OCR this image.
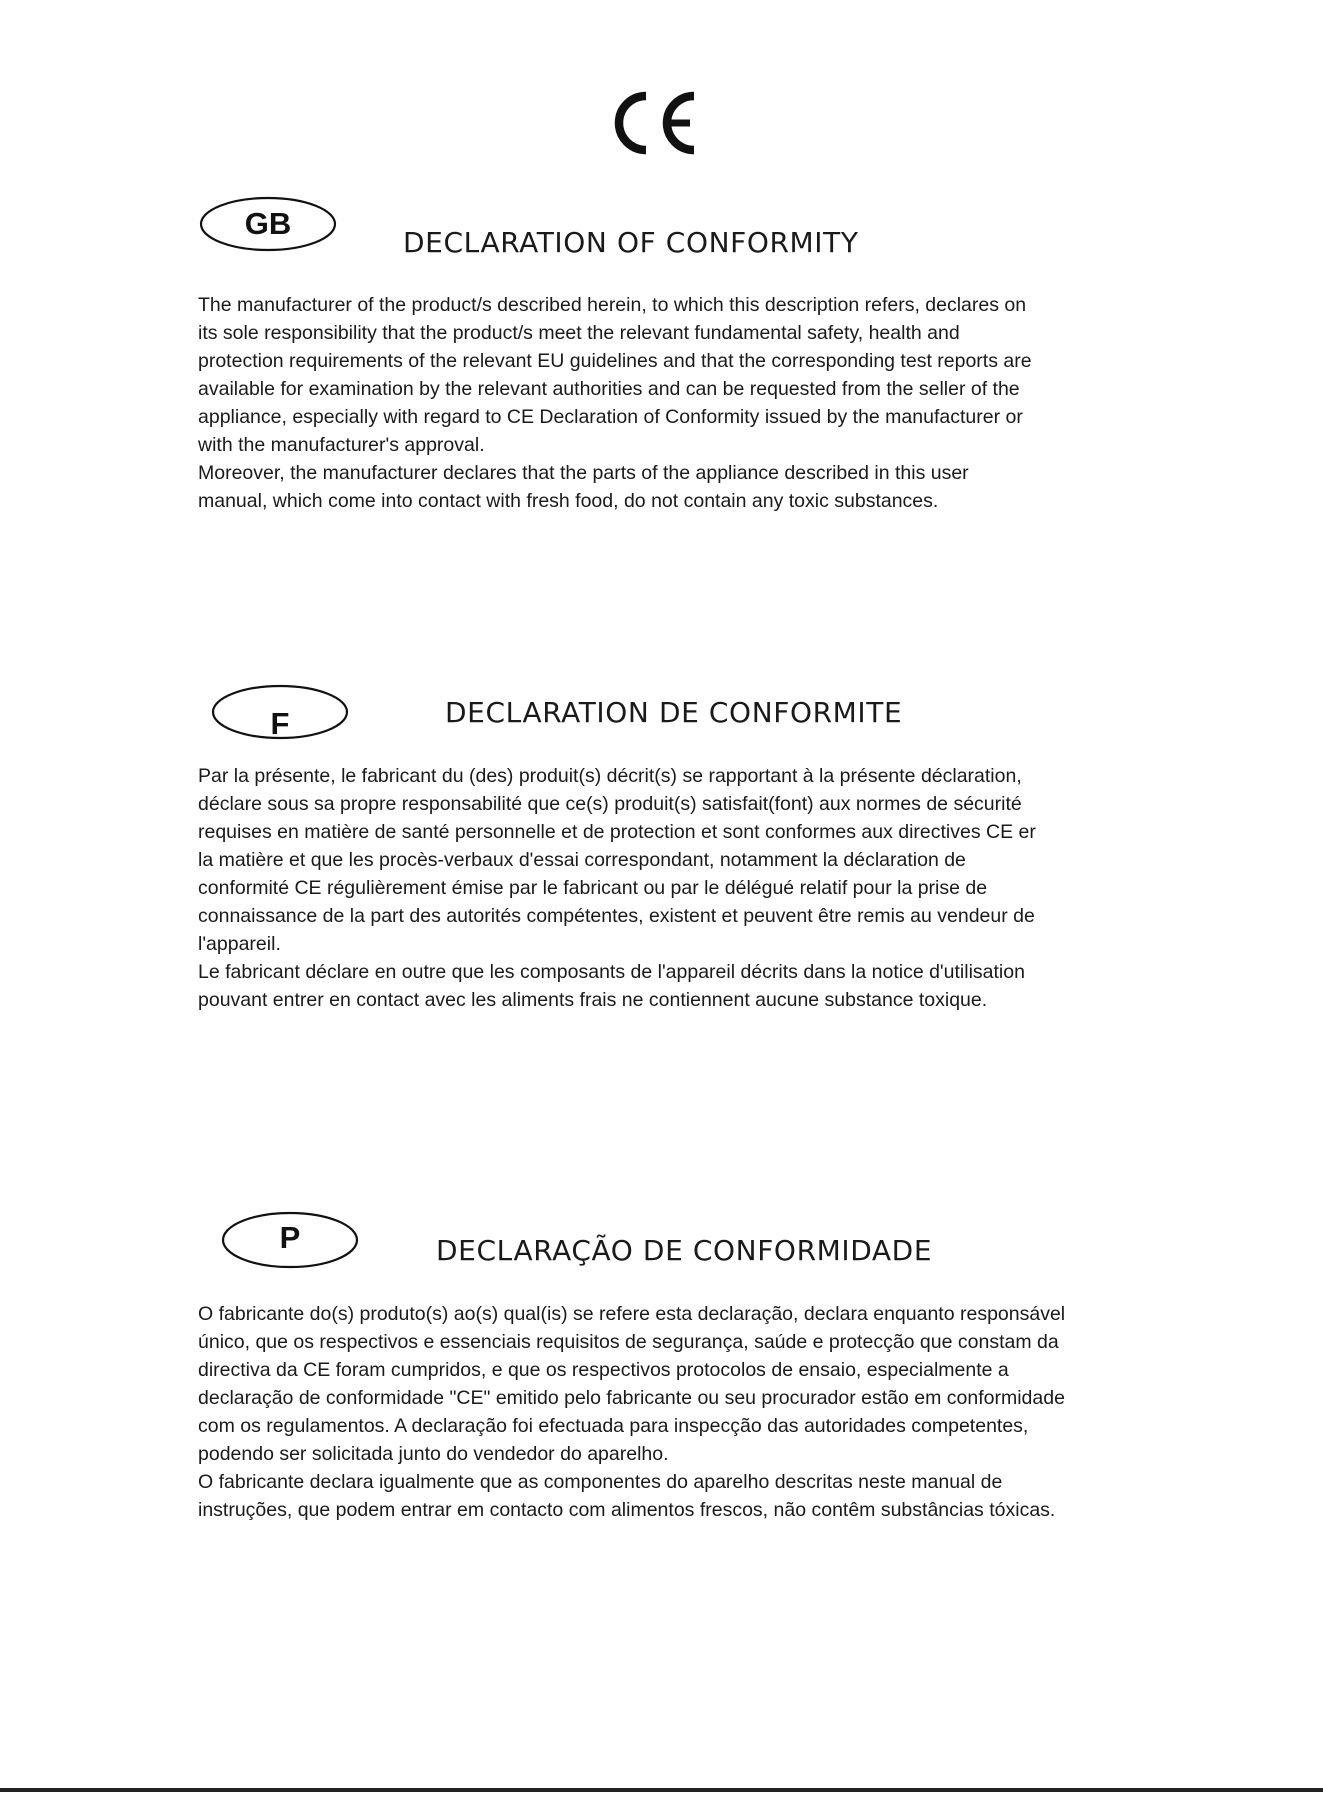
GB
DECLARATION OF CONFORMITY
The manufacturer of the product/s described herein, to which this description refers, declares on
its sole responsibility that the product/s meet the relevant fundamental safety, health and
protection requirements of the relevant EU guidelines and that the corresponding test reports are
available for examination by the relevant authorities and can be requested from the seller of the
appliance, especially with regard to CE Declaration of Conformity issued by the manufacturer or
with the manufacturer's approval.
Moreover, the manufacturer declares that the parts of the appliance described in this user
manual, which come into contact with fresh food, do not contain any toxic substances.
F	DECLARATION DE CONFORMITE
Par la présente, le fabricant du (des) produit(s) décrit(s) se rapportant à la présente déclaration,
déclare sous sa propre responsabilité que ce(s) produit(s) satisfait(font) aux normes de sécurité
requises en matière de santé personnelle et de protection et sont conformes aux directives CE er
la matière et que les procès-verbaux d'essai correspondant, notamment la déclaration de
conformité CE régulièrement émise par le fabricant ou par le délégué relatif pour la prise de
connaissance de la part des autorités compétentes, existent et peuvent être remis au vendeur de
l'appareil.
Le fabricant déclare en outre que les composants de l'appareil décrits dans la notice d'utilisation
pouvant entrer en contact avec les aliments frais ne contiennent aucune substance toxique.
P	DECLARAÇÃO DE CONFORMIDADE
O fabricante do(s) produto(s) ao(s) qual(is) se refere esta declaração, declara enquanto responsável
único, que os respectivos e essenciais requisitos de segurança, saúde e protecção que constam da
directiva da CE foram cumpridos, e que os respectivos protocolos de ensaio, especialmente a
declaração de conformidade "CE" emitido pelo fabricante ou seu procurador estão em conformidade
com os regulamentos. A declaração foi efectuada para inspecção das autoridades competentes,
podendo ser solicitada junto do vendedor do aparelho.
O fabricante declara igualmente que as componentes do aparelho descritas neste manual de
instruções, que podem entrar em contacto com alimentos frescos, não contêm substâncias tóxicas.
